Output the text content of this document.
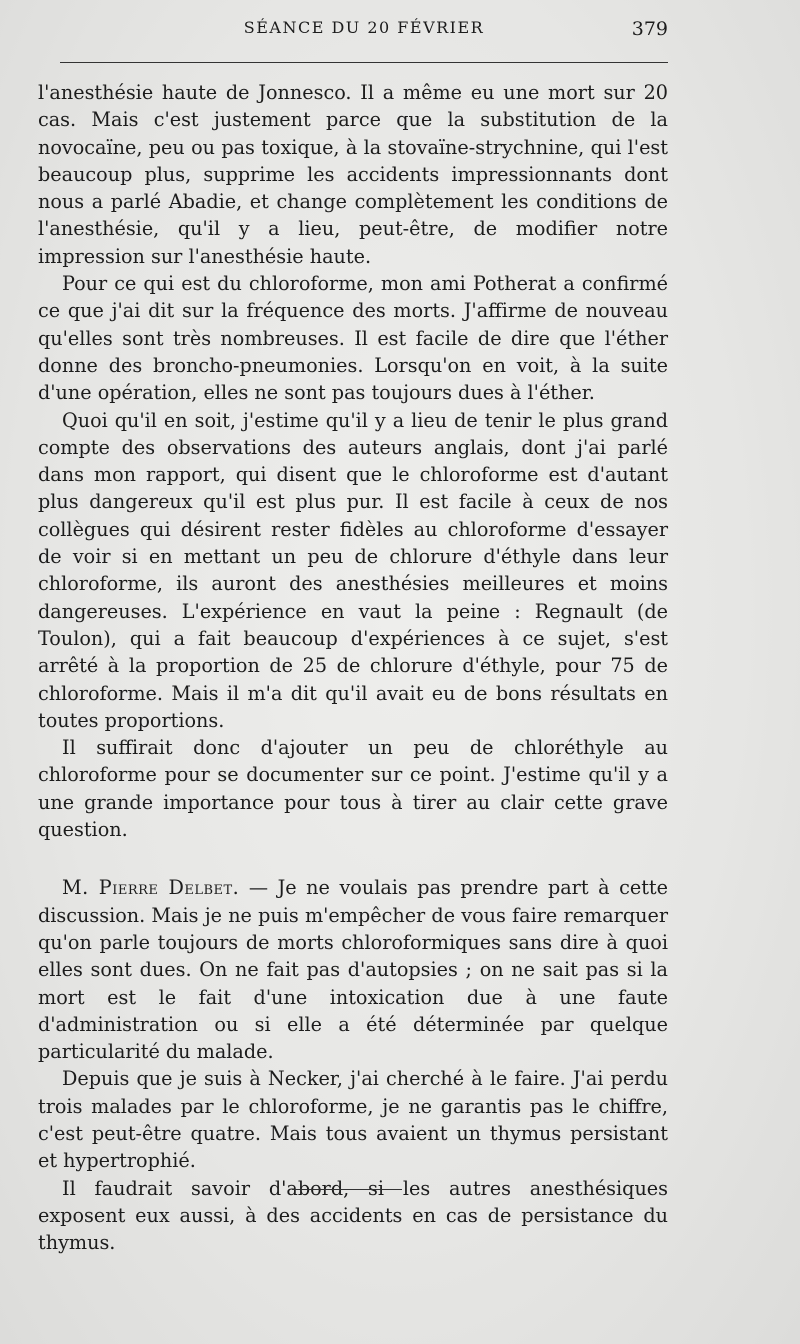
SÉANCE DU 20 FÉVRIER	379

l'anesthésie haute de Jonnesco. Il a même eu une mort sur 20 cas. Mais c'est justement parce que la substitution de la novocaïne, peu ou pas toxique, à la stovaïne-strychnine, qui l'est beaucoup plus, supprime les accidents impressionnants dont nous a parlé Abadie, et change complètement les conditions de l'anesthésie, qu'il y a lieu, peut-être, de modifier notre impression sur l'anesthésie haute.

Pour ce qui est du chloroforme, mon ami Potherat a confirmé ce que j'ai dit sur la fréquence des morts. J'affirme de nouveau qu'elles sont très nombreuses. Il est facile de dire que l'éther donne des broncho-pneumonies. Lorsqu'on en voit, à la suite d'une opération, elles ne sont pas toujours dues à l'éther.

Quoi qu'il en soit, j'estime qu'il y a lieu de tenir le plus grand compte des observations des auteurs anglais, dont j'ai parlé dans mon rapport, qui disent que le chloroforme est d'autant plus dangereux qu'il est plus pur. Il est facile à ceux de nos collègues qui désirent rester fidèles au chloroforme d'essayer de voir si en mettant un peu de chlorure d'éthyle dans leur chloroforme, ils auront des anesthésies meilleures et moins dangereuses. L'expérience en vaut la peine : Regnault (de Toulon), qui a fait beaucoup d'expériences à ce sujet, s'est arrêté à la proportion de 25 de chlorure d'éthyle, pour 75 de chloroforme. Mais il m'a dit qu'il avait eu de bons résultats en toutes proportions.

Il suffirait donc d'ajouter un peu de chloréthyle au chloroforme pour se documenter sur ce point. J'estime qu'il y a une grande importance pour tous à tirer au clair cette grave question.

M. Pierre Delbet. — Je ne voulais pas prendre part à cette discussion. Mais je ne puis m'empêcher de vous faire remarquer qu'on parle toujours de morts chloroformiques sans dire à quoi elles sont dues. On ne fait pas d'autopsies ; on ne sait pas si la mort est le fait d'une intoxication due à une faute d'administration ou si elle a été déterminée par quelque particularité du malade.

Depuis que je suis à Necker, j'ai cherché à le faire. J'ai perdu trois malades par le chloroforme, je ne garantis pas le chiffre, c'est peut-être quatre. Mais tous avaient un thymus persistant et hypertrophié.

Il faudrait savoir d'abord, si les autres anesthésiques exposent eux aussi, à des accidents en cas de persistance du thymus.
